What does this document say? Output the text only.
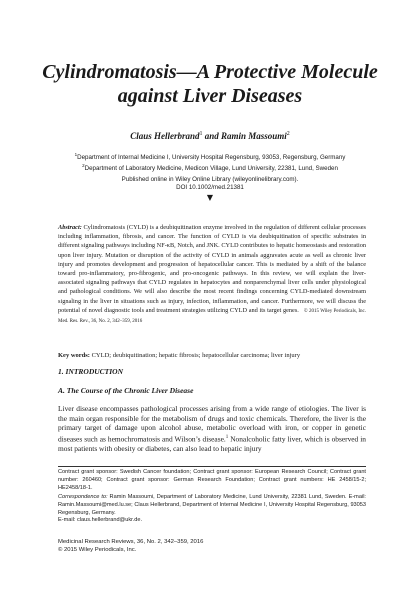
Cylindromatosis—A Protective Molecule
against Liver Diseases
Claus Hellerbrand$^1$ and Ramin Massoumi$^2$
$^1$Department of Internal Medicine I, University Hospital Regensburg, 93053, Regensburg, Germany
$^2$Department of Laboratory Medicine, Medicon Village, Lund University, 22381, Lund, Sweden
Published online in Wiley Online Library (wileyonlinelibrary.com).
DOI 10.1002/med.21381
▼
Abstract: Cylindromatosis (CYLD) is a deubiquitination enzyme involved in the regulation of different cellular processes including inflammation, fibrosis, and cancer. The function of CYLD is via deubiquitination of specific substrates in different signaling pathways including NF-κB, Notch, and JNK. CYLD contributes to hepatic homeostasis and restoration upon liver injury. Mutation or disruption of the activity of CYLD in animals aggravates acute as well as chronic liver injury and promotes development and progression of hepatocellular cancer. This is mediated by a shift of the balance toward pro-inflammatory, pro-fibrogenic, and pro-oncogenic pathways. In this review, we will explain the liver-associated signaling pathways that CYLD regulates in hepatocytes and nonparenchymal liver cells under physiological and pathological conditions. We will also describe the most recent findings concerning CYLD-mediated downstream signaling in the liver in situations such as injury, infection, inflammation, and cancer. Furthermore, we will discuss the potential of novel diagnostic tools and treatment strategies utilizing CYLD and its target genes. © 2015 Wiley Periodicals, Inc. Med. Res. Rev., 36, No. 2, 342–359, 2016
Key words: CYLD; deubiquitination; hepatic fibrosis; hepatocellular carcinoma; liver injury
1. INTRODUCTION
A. The Course of the Chronic Liver Disease
Liver disease encompasses pathological processes arising from a wide range of etiologies. The liver is the main organ responsible for the metabolism of drugs and toxic chemicals. Therefore, the liver is the primary target of damage upon alcohol abuse, metabolic overload with iron, or copper in genetic diseases such as hemochromatosis and Wilson’s disease.$^1$ Nonalcoholic fatty liver, which is observed in most patients with obesity or diabetes, can also lead to hepatic injury
Contract grant sponsor: Swedish Cancer foundation; Contract grant sponsor: European Research Council; Contract grant number: 260460; Contract grant sponsor: German Research Foundation; Contract grant numbers: HE 2458/15-2; HE2458/18-1.
Correspondence to: Ramin Massoumi, Department of Laboratory Medicine, Lund University, 22381 Lund, Sweden. E-mail: Ramin.Massoumi@med.lu.se; Claus Hellerbrand, Department of Internal Medicine I, University Hospital Regensburg, 93053 Regensburg, Germany.
E-mail: claus.hellerbrand@ukr.de.
Medicinal Research Reviews, 36, No. 2, 342–359, 2016
© 2015 Wiley Periodicals, Inc.
